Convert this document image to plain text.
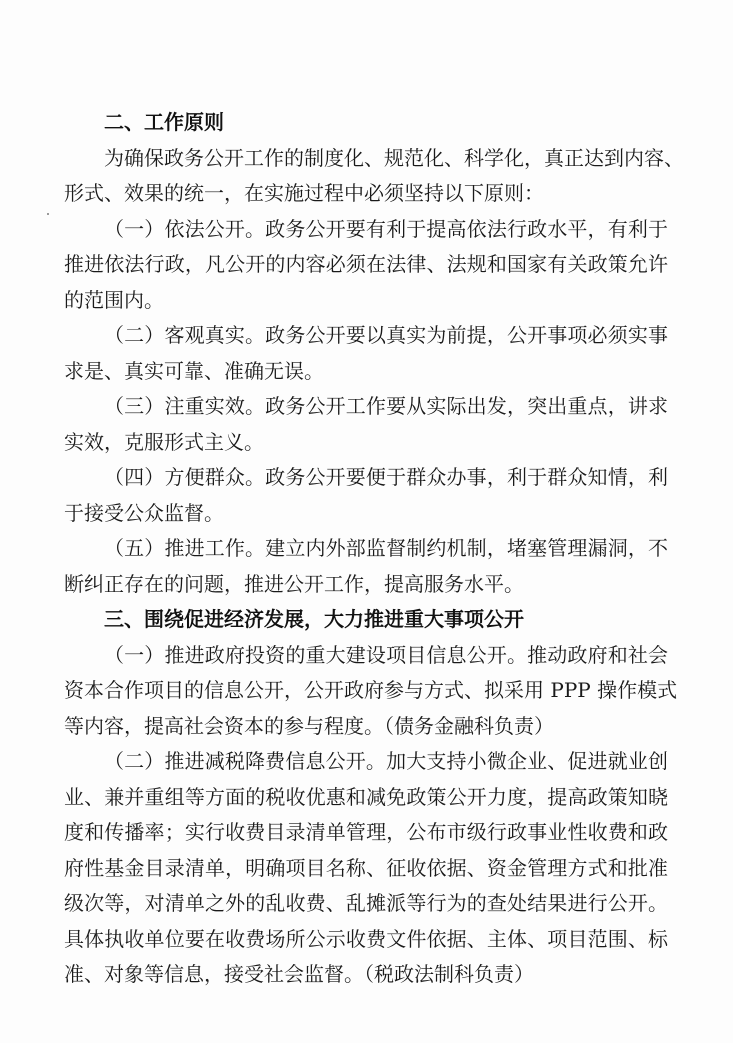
二、工作原则
为确保政务公开工作的制度化、规范化、科学化，真正达到内容、
形式、效果的统一，在实施过程中必须坚持以下原则：
（一）依法公开。政务公开要有利于提高依法行政水平，有利于
推进依法行政，凡公开的内容必须在法律、法规和国家有关政策允许
的范围内。
（二）客观真实。政务公开要以真实为前提，公开事项必须实事
求是、真实可靠、准确无误。
（三）注重实效。政务公开工作要从实际出发，突出重点，讲求
实效，克服形式主义。
（四）方便群众。政务公开要便于群众办事，利于群众知情，利
于接受公众监督。
（五）推进工作。建立内外部监督制约机制，堵塞管理漏洞，不
断纠正存在的问题，推进公开工作，提高服务水平。
三、围绕促进经济发展，大力推进重大事项公开
（一）推进政府投资的重大建设项目信息公开。推动政府和社会
资本合作项目的信息公开，公开政府参与方式、拟采用 PPP 操作模式
等内容，提高社会资本的参与程度。（债务金融科负责）
（二）推进减税降费信息公开。加大支持小微企业、促进就业创
业、兼并重组等方面的税收优惠和减免政策公开力度，提高政策知晓
度和传播率；实行收费目录清单管理，公布市级行政事业性收费和政
府性基金目录清单，明确项目名称、征收依据、资金管理方式和批准
级次等，对清单之外的乱收费、乱摊派等行为的查处结果进行公开。
具体执收单位要在收费场所公示收费文件依据、主体、项目范围、标
准、对象等信息，接受社会监督。（税政法制科负责）
